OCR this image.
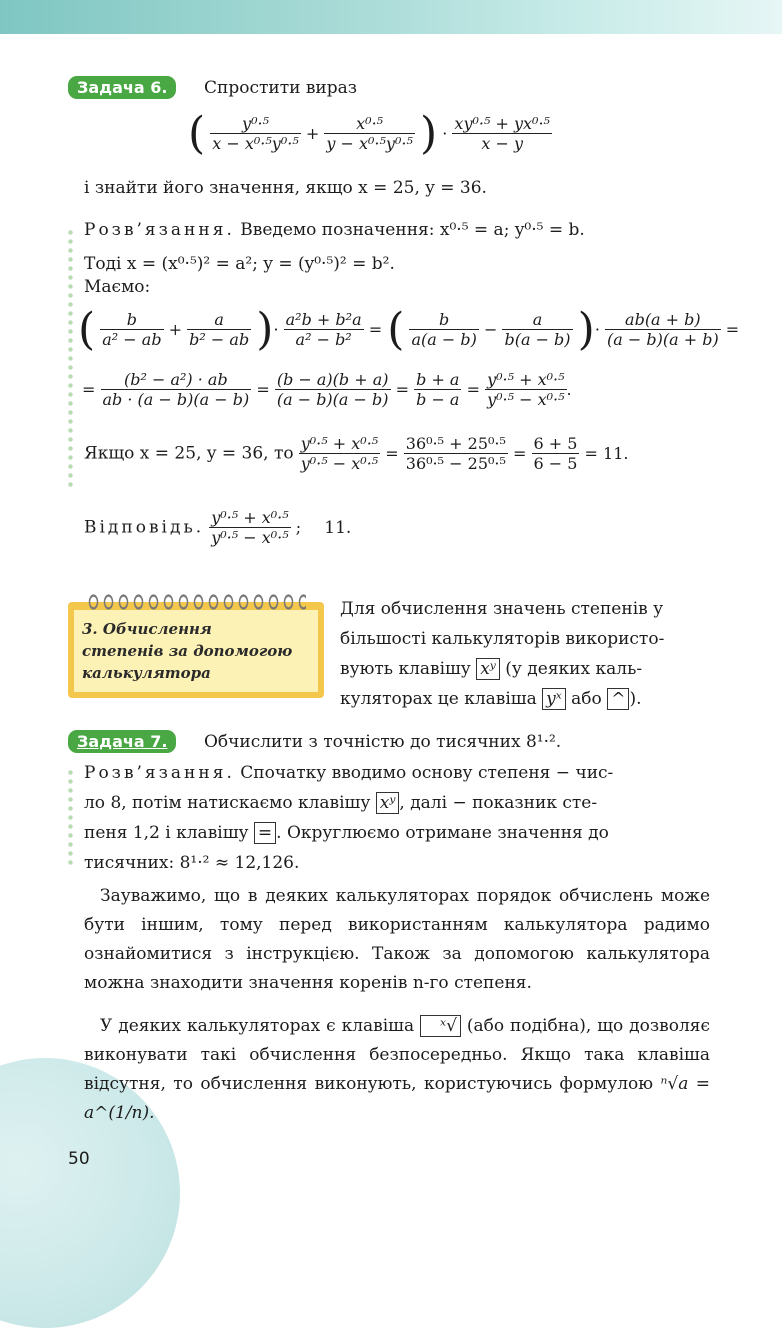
Задача 6.	Спростити вираз
( $\frac{\text{y⁰·⁵}}{\text{x − x⁰·⁵y⁰·⁵}} + \frac{\text{x⁰·⁵}}{\text{y − x⁰·⁵y⁰·⁵}}$ ) · $\frac{\text{xy⁰·⁵ + yx⁰·⁵}}{x - y}$
і знайти його значення, якщо x = 25, y = 36.
Розв’язання. Введемо позначення: x⁰·⁵ = a; y⁰·⁵ = b.
Тоді x = (x⁰·⁵)² = a²; y = (y⁰·⁵)² = b².
Маємо:
( $\frac{b}{\text{a² − ab}} + \frac{a}{\text{b² − ab}}$ )· $\frac{\text{a²b + b²a}}{\text{a² − b²}}$ = ( $\frac{b}{a(a - b)} - \frac{a}{b(a - b)}$ )· $\frac{ab(a + b)}{(a - b)(a + b)}$ =
= $\frac{\text{(b² − a²) · ab}}{ab \cdot (a - b)(a - b)} = \frac{(b - a)(b + a)}{(a - b)(a - b)} = \frac{b + a}{b - a} = \frac{\text{y⁰·⁵ + x⁰·⁵}}{\text{y⁰·⁵ − x⁰·⁵}}$ .
Якщо x = 25, y = 36, то $\frac{\text{y⁰·⁵ + x⁰·⁵}}{\text{y⁰·⁵ − x⁰·⁵}} = \frac{\text{36⁰·⁵ + 25⁰·⁵}}{\text{36⁰·⁵ − 25⁰·⁵}} = \frac{6 + 5}{6 - 5} = 11$.
Відповідь. $\frac{\text{y⁰·⁵ + x⁰·⁵}}{\text{y⁰·⁵ − x⁰·⁵}}$ ; 11.
3. Обчислення
степенів за допомогою
калькулятора
Для обчислення значень степенів у
більшості калькуляторів використо-
вують клавішу xʸ (у деяких каль-
куляторах це клавіша yˣ або ^ ).
Задача 7.	Обчислити з точністю до тисячних 8¹·².
Розв’язання. Спочатку вводимо основу степеня − чис-
ло 8, потім натискаємо клавішу xʸ , далі − показник сте-
пеня 1,2 і клавішу = . Округлюємо отримане значення до
тисячних: 8¹·² ≈ 12,126.
Зауважимо, що в деяких калькуляторах порядок обчислень може бути іншим, тому перед використанням калькулятора радимо ознайомитися з інструкцією. Також за допомогою калькулятора можна знаходити значення коренів n-го степеня.
У деяких калькуляторах є клавіша ˣ√ (або подібна), що дозволяє виконувати такі обчислення безпосередньо. Якщо така клавіша відсутня, то обчислення виконують, користуючись формулою ⁿ√a = a^(1/n).
50
